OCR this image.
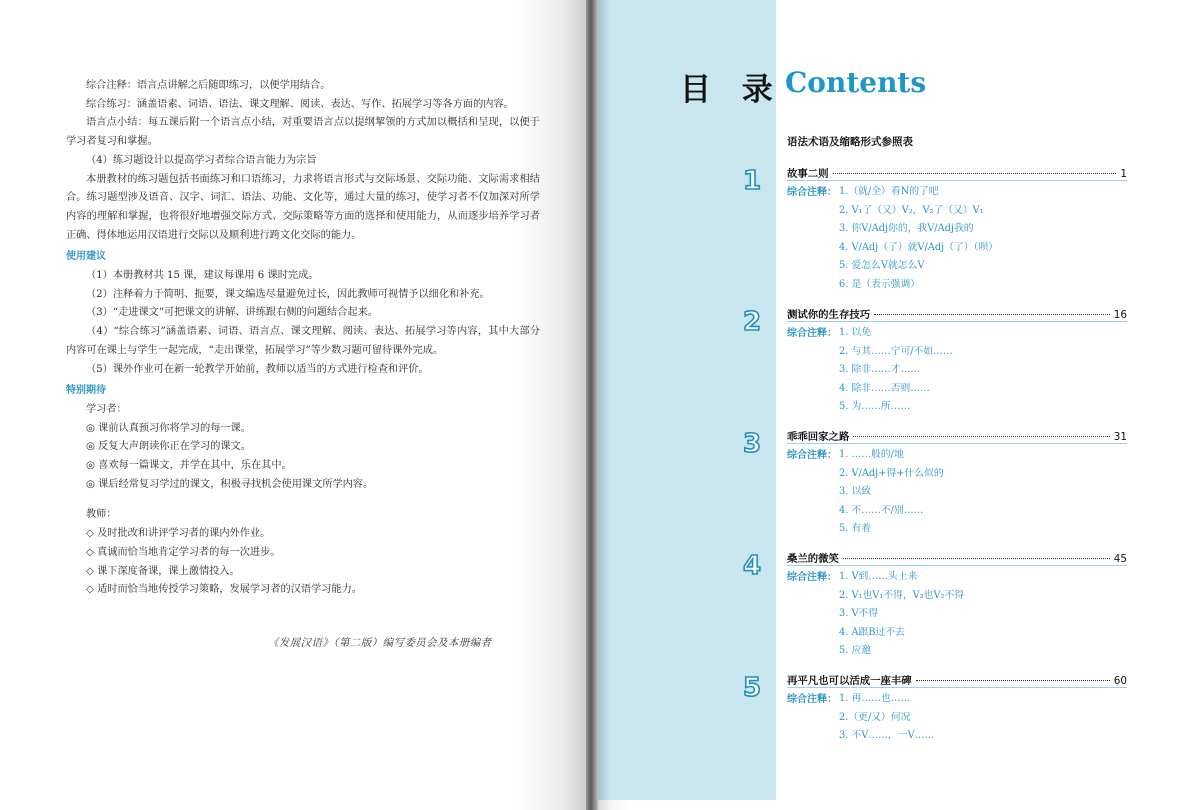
综合注释：语言点讲解之后随即练习，以便学用结合。

综合练习：涵盖语素、词语、语法、课文理解、阅读、表达、写作、拓展学习等各方面的内容。

语言点小结：每五课后附一个语言点小结，对重要语言点以提纲挈领的方式加以概括和呈现，以便于学习者复习和掌握。

（4）练习题设计以提高学习者综合语言能力为宗旨

本册教材的练习题包括书面练习和口语练习，力求将语言形式与交际场景、交际功能、文际需求相结合。练习题型涉及语音、汉字、词汇、语法、功能、文化等，通过大量的练习，使学习者不仅加深对所学内容的理解和掌握，也将很好地增强交际方式、交际策略等方面的选择和使用能力，从而逐步培养学习者正确、得体地运用汉语进行交际以及顺利进行跨文化交际的能力。

使用建议

（1）本册教材共 15 课，建议每课用 6 课时完成。

（2）注释着力于简明、扼要，课文编选尽量避免过长，因此教师可视情予以细化和补充。

（3）“走进课文”可把课文的讲解、讲练跟右侧的问题结合起来。

（4）“综合练习”涵盖语素、词语、语言点、课文理解、阅读、表达、拓展学习等内容，其中大部分内容可在课上与学生一起完成，“走出课堂，拓展学习”等少数习题可留待课外完成。

（5）课外作业可在新一轮教学开始前，教师以适当的方式进行检查和评价。

特别期待

学习者：

◎ 课前认真预习你将学习的每一课。

◎ 反复大声朗读你正在学习的课文。

◎ 喜欢每一篇课文，并学在其中，乐在其中。

◎ 课后经常复习学过的课文，积极寻找机会使用课文所学内容。

教师：

◇ 及时批改和讲评学习者的课内外作业。

◇ 真诚而恰当地肯定学习者的每一次进步。

◇ 课下深度备课，课上激情投入。

◇ 适时而恰当地传授学习策略，发展学习者的汉语学习能力。

《发展汉语》（第二版）编写委员会及本册编者
目 录 Contents
语法术语及缩略形式参照表
1	故事二则	1
综合注释： 1.（就/全）看N的了吧
2. V₁了（又）V₂，V₂了（又）V₁
3. 你V/Adj你的，我V/Adj我的
4. V/Adj（了）就V/Adj（了）（呗）
5. 爱怎么V就怎么V
6. 是（表示强调）
2	测试你的生存技巧	16
综合注释： 1. 以免
2. 与其……宁可/不如……
3. 除非……才……
4. 除非……否则……
5. 为……所……
3	乖乖回家之路	31
综合注释： 1. ……般的/地
2. V/Adj+得+什么似的
3. 以致
4. 不……不/别……
5. 有着
4	桑兰的微笑	45
综合注释： 1. V到……头上来
2. V₁也V₁不得，V₂也V₂不得
3. V不得
4. A跟B过不去
5. 应邀
5	再平凡也可以活成一座丰碑	60
综合注释： 1. 再……也……
2.（更/又）何况
3. 不V……，一V……
